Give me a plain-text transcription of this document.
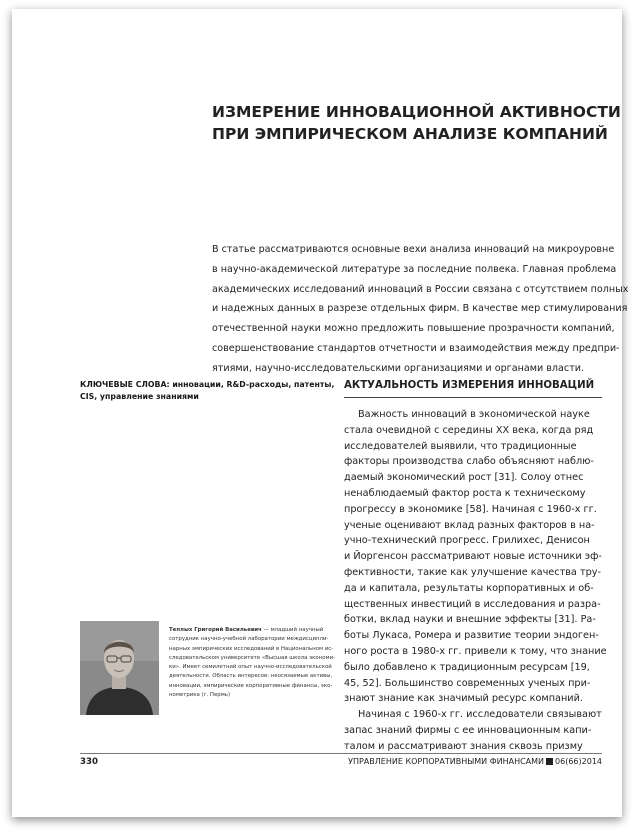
ИЗМЕРЕНИЕ ИННОВАЦИОННОЙ АКТИВНОСТИ
ПРИ ЭМПИРИЧЕСКОМ АНАЛИЗЕ КОМПАНИЙ

В статье рассматриваются основные вехи анализа инноваций на микроуровне
в научно-академической литературе за последние полвека. Главная проблема
академических исследований инноваций в России связана с отсутствием полных
и надежных данных в разрезе отдельных фирм. В качестве мер стимулирования
отечественной науки можно предложить повышение прозрачности компаний,
совершенствование стандартов отчетности и взаимодействия между предпри-
ятиями, научно-исследовательскими организациями и органами власти.

КЛЮЧЕВЫЕ СЛОВА: инновации, R&D-расходы, патенты, CIS, управление знаниями

АКТУАЛЬНОСТЬ ИЗМЕРЕНИЯ ИННОВАЦИЙ

Важность инноваций в экономической науке
стала очевидной с середины XX века, когда ряд
исследователей выявили, что традиционные
факторы производства слабо объясняют наблю-
даемый экономический рост [31]. Солоу отнес
ненаблюдаемый фактор роста к техническому
прогрессу в экономике [58]. Начиная с 1960-х гг.
ученые оценивают вклад разных факторов в на-
учно-технический прогресс. Грилихес, Денисон
и Йоргенсон рассматривают новые источники эф-
фективности, такие как улучшение качества тру-
да и капитала, результаты корпоративных и об-
щественных инвестиций в исследования и разра-
ботки, вклад науки и внешние эффекты [31]. Ра-
боты Лукаса, Ромера и развитие теории эндоген-
ного роста в 1980-х гг. привели к тому, что знание
было добавлено к традиционным ресурсам [19,
45, 52]. Большинство современных ученых при-
знают знание как значимый ресурс компаний.
Начиная с 1960-х гг. исследователи связывают
запас знаний фирмы с ее инновационным капи-
талом и рассматривают знания сквозь призму

Теплых Григорий Васильевич — младший научный
сотрудник научно-учебной лаборатории междисципли-
нарных эмпирических исследований в Национальном ис-
следовательском университете «Высшая школа экономи-
ки». Имеет семилетний опыт научно-исследовательской
деятельности. Область интересов: неосязаемые активы,
инновации, эмпирические корпоративные финансы, эко-
нометрика (г. Пермь)

330	УПРАВЛЕНИЕ КОРПОРАТИВНЫМИ ФИНАНСАМИ 06(66)2014
